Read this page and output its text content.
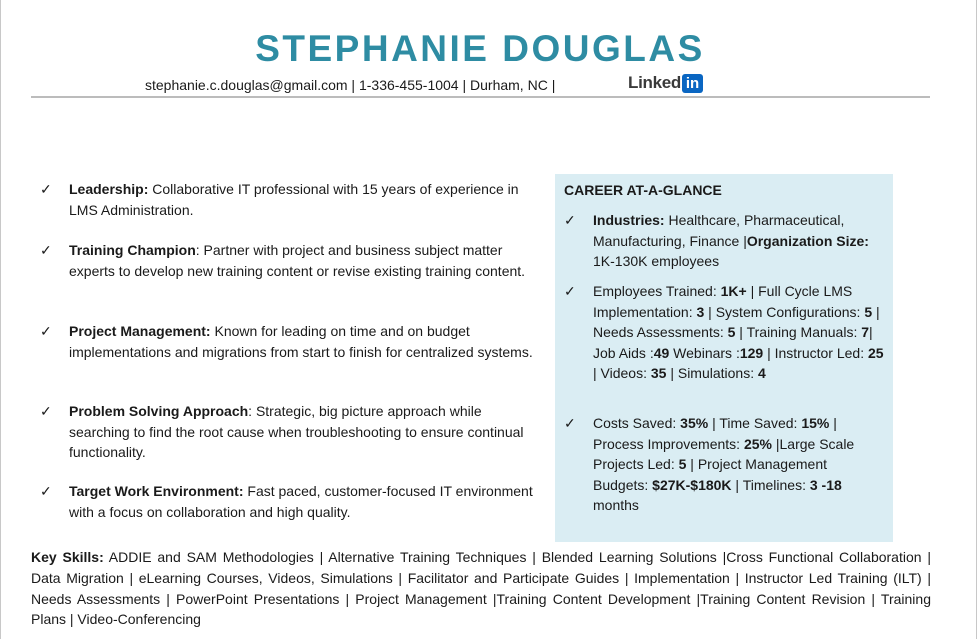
STEPHANIE DOUGLAS
stephanie.c.douglas@gmail.com | 1-336-455-1004 | Durham, NC |	Linked in
✓ Leadership: Collaborative IT professional with 15 years of experience in LMS Administration.
✓ Training Champion: Partner with project and business subject matter experts to develop new training content or revise existing training content.
✓ Project Management: Known for leading on time and on budget implementations and migrations from start to finish for centralized systems.
✓ Problem Solving Approach: Strategic, big picture approach while searching to find the root cause when troubleshooting to ensure continual functionality.
✓ Target Work Environment: Fast paced, customer-focused IT environment with a focus on collaboration and high quality.
CAREER AT-A-GLANCE
✓ Industries: Healthcare, Pharmaceutical, Manufacturing, Finance |Organization Size: 1K-130K employees
✓ Employees Trained: 1K+ | Full Cycle LMS Implementation: 3 | System Configurations: 5 | Needs Assessments: 5 | Training Manuals: 7| Job Aids :49 Webinars :129 | Instructor Led: 25 | Videos: 35 | Simulations: 4
✓ Costs Saved: 35% | Time Saved: 15% | Process Improvements: 25% |Large Scale Projects Led: 5 | Project Management Budgets: $27K-$180K | Timelines: 3 -18 months
Key Skills: ADDIE and SAM Methodologies | Alternative Training Techniques | Blended Learning Solutions |Cross Functional Collaboration | Data Migration | eLearning Courses, Videos, Simulations | Facilitator and Participate Guides | Implementation | Instructor Led Training (ILT) | Needs Assessments | PowerPoint Presentations | Project Management |Training Content Development |Training Content Revision | Training Plans | Video-Conferencing
